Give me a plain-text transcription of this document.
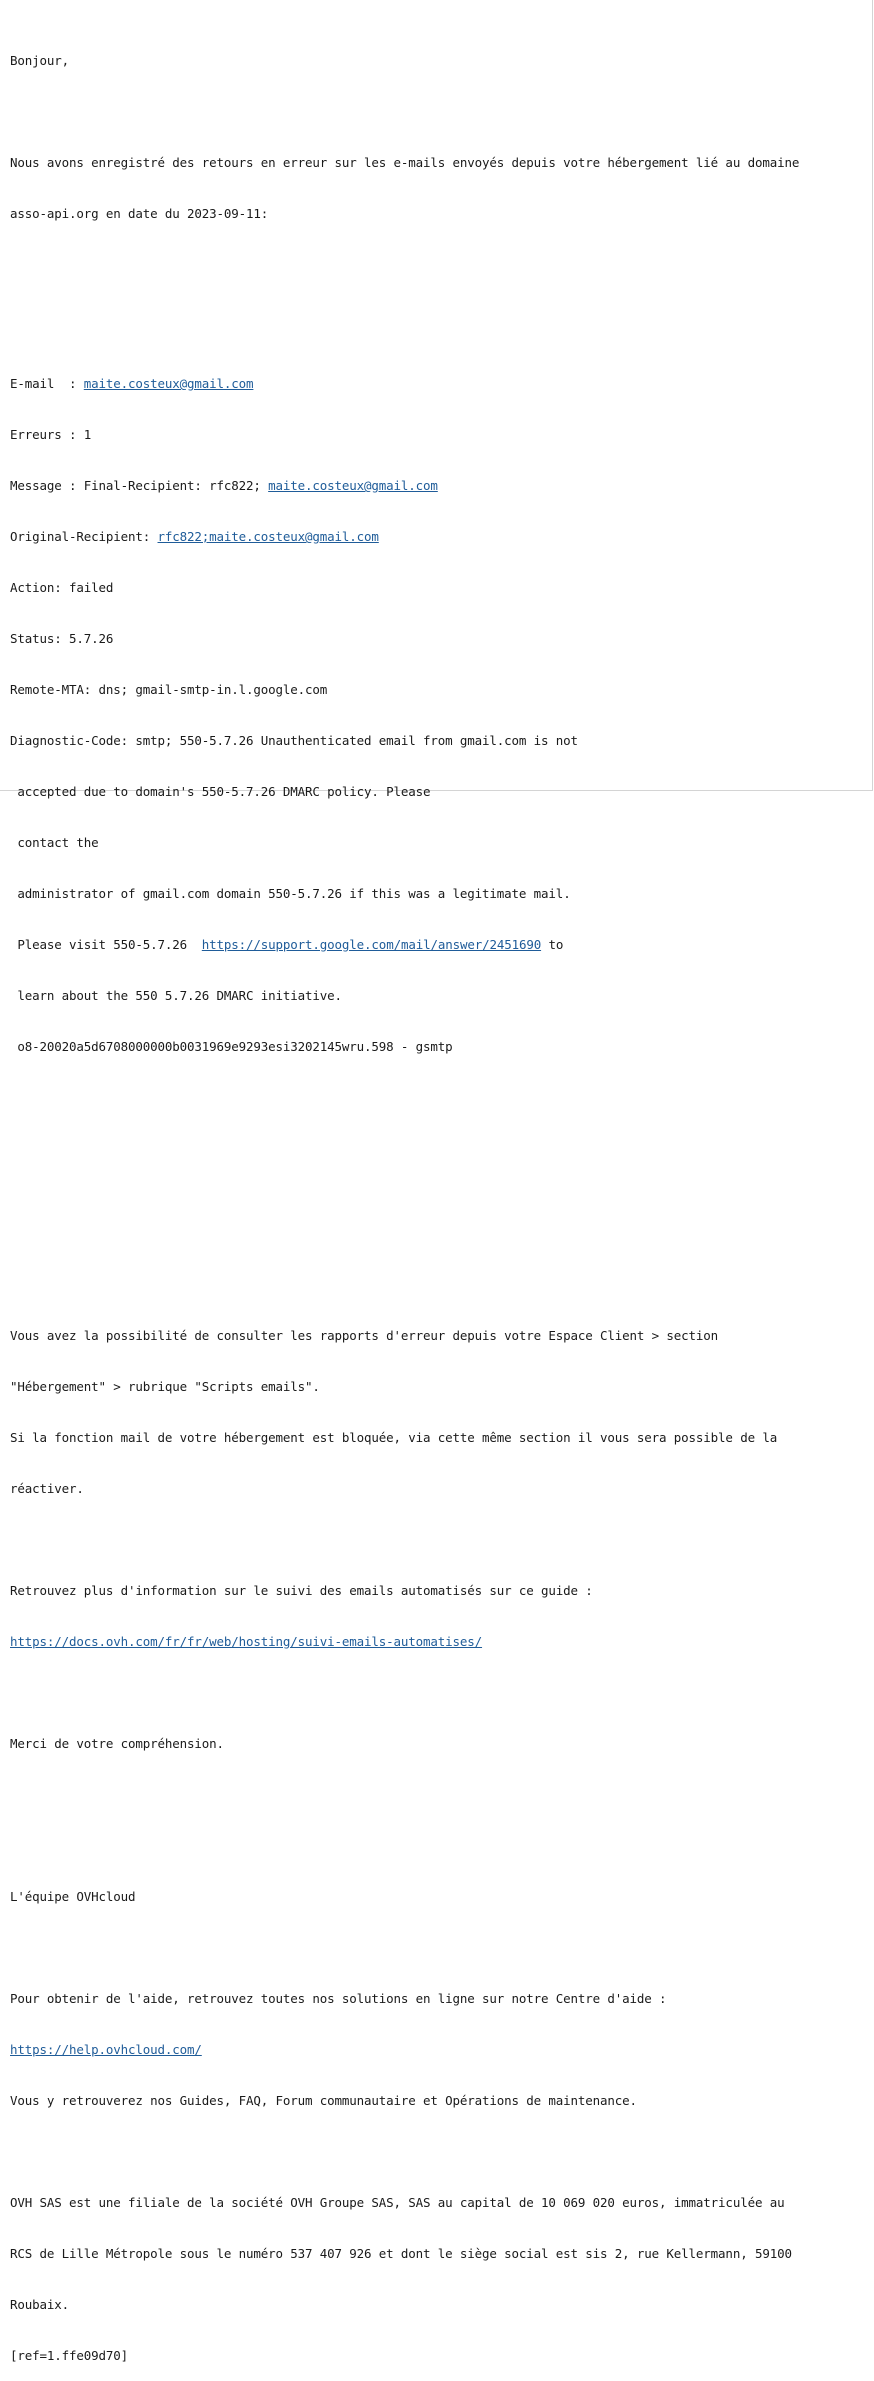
Bonjour,

Nous avons enregistré des retours en erreur sur les e-mails envoyés depuis votre hébergement lié au domaine

asso-api.org en date du 2023-09-11:

E-mail  : maite.costeux@gmail.com

Erreurs : 1

Message : Final-Recipient: rfc822; maite.costeux@gmail.com

Original-Recipient: rfc822;maite.costeux@gmail.com

Action: failed

Status: 5.7.26

Remote-MTA: dns; gmail-smtp-in.l.google.com

Diagnostic-Code: smtp; 550-5.7.26 Unauthenticated email from gmail.com is not

accepted due to domain's 550-5.7.26 DMARC policy. Please

contact the

administrator of gmail.com domain 550-5.7.26 if this was a legitimate mail.

Please visit 550-5.7.26  https://support.google.com/mail/answer/2451690 to

learn about the 550 5.7.26 DMARC initiative.

o8-20020a5d6708000000b0031969e9293esi3202145wru.598 - gsmtp

Vous avez la possibilité de consulter les rapports d'erreur depuis votre Espace Client > section

"Hébergement" > rubrique "Scripts emails".

Si la fonction mail de votre hébergement est bloquée, via cette même section il vous sera possible de la

réactiver.

Retrouvez plus d'information sur le suivi des emails automatisés sur ce guide :

https://docs.ovh.com/fr/fr/web/hosting/suivi-emails-automatises/

Merci de votre compréhension.

L'équipe OVHcloud

Pour obtenir de l'aide, retrouvez toutes nos solutions en ligne sur notre Centre d'aide :

https://help.ovhcloud.com/

Vous y retrouverez nos Guides, FAQ, Forum communautaire et Opérations de maintenance.

OVH SAS est une filiale de la société OVH Groupe SAS, SAS au capital de 10 069 020 euros, immatriculée au

RCS de Lille Métropole sous le numéro 537 407 926 et dont le siège social est sis 2, rue Kellermann, 59100

Roubaix.

[ref=1.ffe09d70]
